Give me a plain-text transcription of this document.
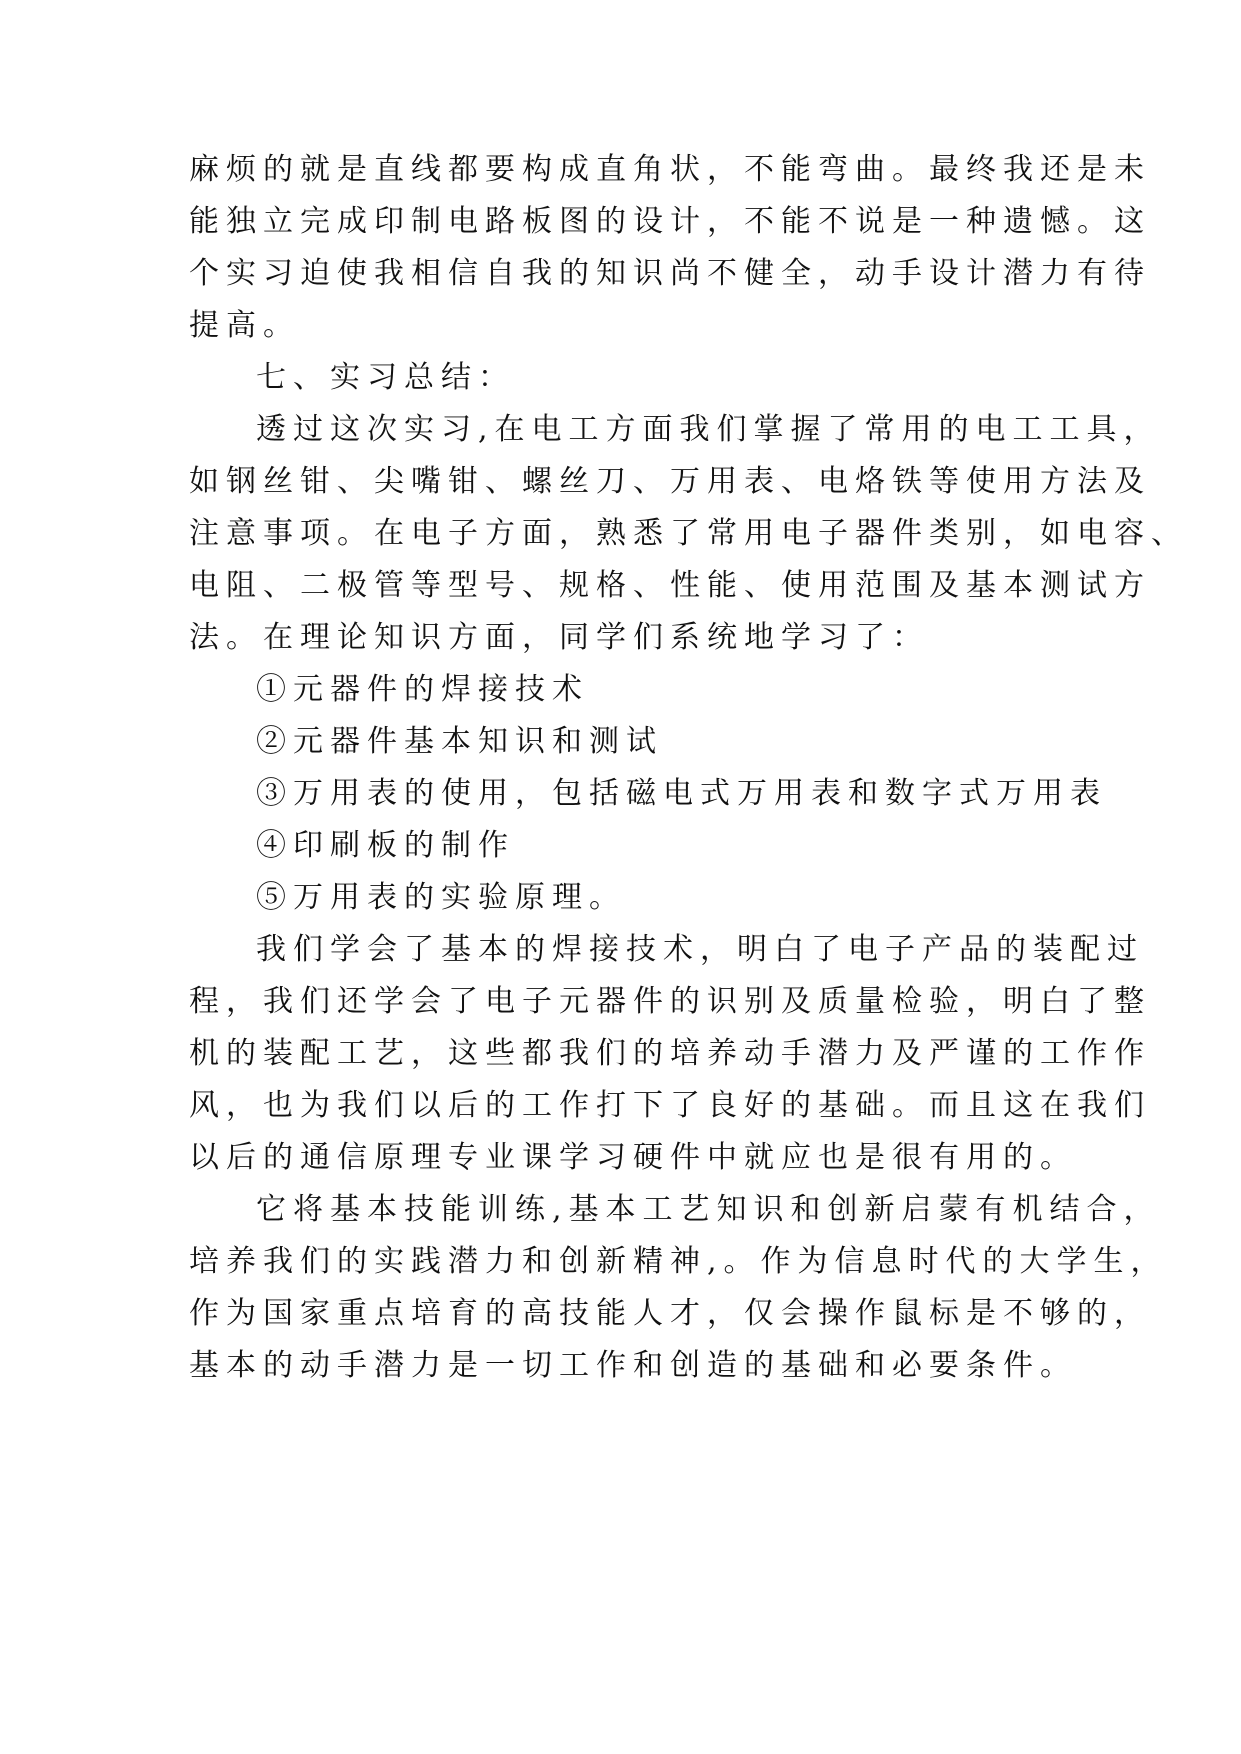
麻烦的就是直线都要构成直角状，不能弯曲。最终我还是未
能独立完成印制电路板图的设计，不能不说是一种遗憾。这
个实习迫使我相信自我的知识尚不健全，动手设计潜力有待
提高。
七、实习总结：
透过这次实习,在电工方面我们掌握了常用的电工工具，
如钢丝钳、尖嘴钳、螺丝刀、万用表、电烙铁等使用方法及
注意事项。在电子方面，熟悉了常用电子器件类别，如电容、
电阻、二极管等型号、规格、性能、使用范围及基本测试方
法。在理论知识方面，同学们系统地学习了：
①元器件的焊接技术
②元器件基本知识和测试
③万用表的使用，包括磁电式万用表和数字式万用表
④印刷板的制作
⑤万用表的实验原理。
我们学会了基本的焊接技术，明白了电子产品的装配过
程，我们还学会了电子元器件的识别及质量检验，明白了整
机的装配工艺，这些都我们的培养动手潜力及严谨的工作作
风，也为我们以后的工作打下了良好的基础。而且这在我们
以后的通信原理专业课学习硬件中就应也是很有用的。
它将基本技能训练,基本工艺知识和创新启蒙有机结合，
培养我们的实践潜力和创新精神,。作为信息时代的大学生，
作为国家重点培育的高技能人才，仅会操作鼠标是不够的，
基本的动手潜力是一切工作和创造的基础和必要条件。
